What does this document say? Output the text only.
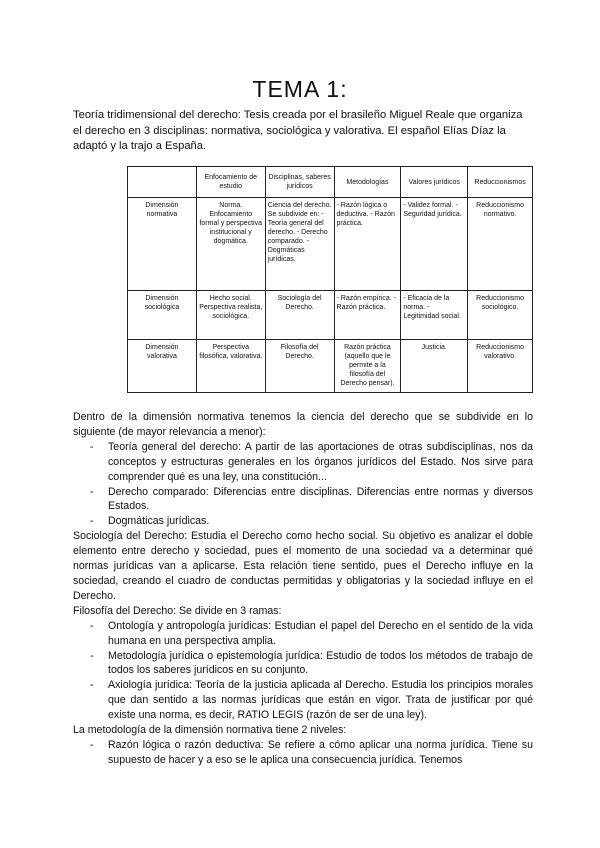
TEMA 1:
Teoría tridimensional del derecho: Tesis creada por el brasileño Miguel Reale que organiza el derecho en 3 disciplinas: normativa, sociológica y valorativa. El español Elías Díaz la adaptó y la trajo a España.
	Enfocamiento de estudio	Disciplinas, saberes jurídicos	Metodologías	Valores jurídicos	Reduccionismos
Dimensión normativa	Norma. Enfocamiento formal y perspectiva institucional y dogmática.	Ciencia del derecho. Se subdivide en: - Teoría general del derecho. - Derecho comparado. - Dogmáticas jurídicas.	- Razón lógica o deductiva. - Razón práctica.	- Validez formal. - Seguridad jurídica.	Reduccionismo normativo.
Dimensión sociológica	Hecho social. Perspectiva realista, sociológica.	Sociología del Derecho.	- Razón empírica. - Razón práctica.	- Eficacia de la norma. - Legitimidad social.	Reduccionismo sociológico.
Dimensión valorativa	Perspectiva filosófica, valorativa.	Filosofía del Derecho.	Razón práctica (aquello que le permite a la filosofía del Derecho pensar).	Justicia.	Reduccionismo valorativo.

Dentro de la dimensión normativa tenemos la ciencia del derecho que se subdivide en lo siguiente (de mayor relevancia a menor):

- Teoría general del derecho: A partir de las aportaciones de otras subdisciplinas, nos da conceptos y estructuras generales en los órganos jurídicos del Estado. Nos sirve para comprender qué es una ley, una constitución...
- Derecho comparado: Diferencias entre disciplinas. Diferencias entre normas y diversos Estados.
- Dogmáticas jurídicas.

Sociología del Derecho: Estudia el Derecho como hecho social. Su objetivo es analizar el doble elemento entre derecho y sociedad, pues el momento de una sociedad va a determinar qué normas jurídicas van a aplicarse. Esta relación tiene sentido, pues el Derecho influye en la sociedad, creando el cuadro de conductas permitidas y obligatorias y la sociedad influye en el Derecho.

Filosofía del Derecho: Se divide en 3 ramas:

- Ontología y antropología jurídicas: Estudian el papel del Derecho en el sentido de la vida humana en una perspectiva amplia.
- Metodología jurídica o epistemología jurídica: Estudio de todos los métodos de trabajo de todos los saberes jurídicos en su conjunto.
- Axiología jurídica: Teoría de la justicia aplicada al Derecho. Estudia los principios morales que dan sentido a las normas jurídicas que están en vigor. Trata de justificar por qué existe una norma, es decir, RATIO LEGIS (razón de ser de una ley).

La metodología de la dimensión normativa tiene 2 niveles:

- Razón lógica o razón deductiva: Se refiere a cómo aplicar una norma jurídica. Tiene su supuesto de hacer y a eso se le aplica una consecuencia jurídica. Tenemos
